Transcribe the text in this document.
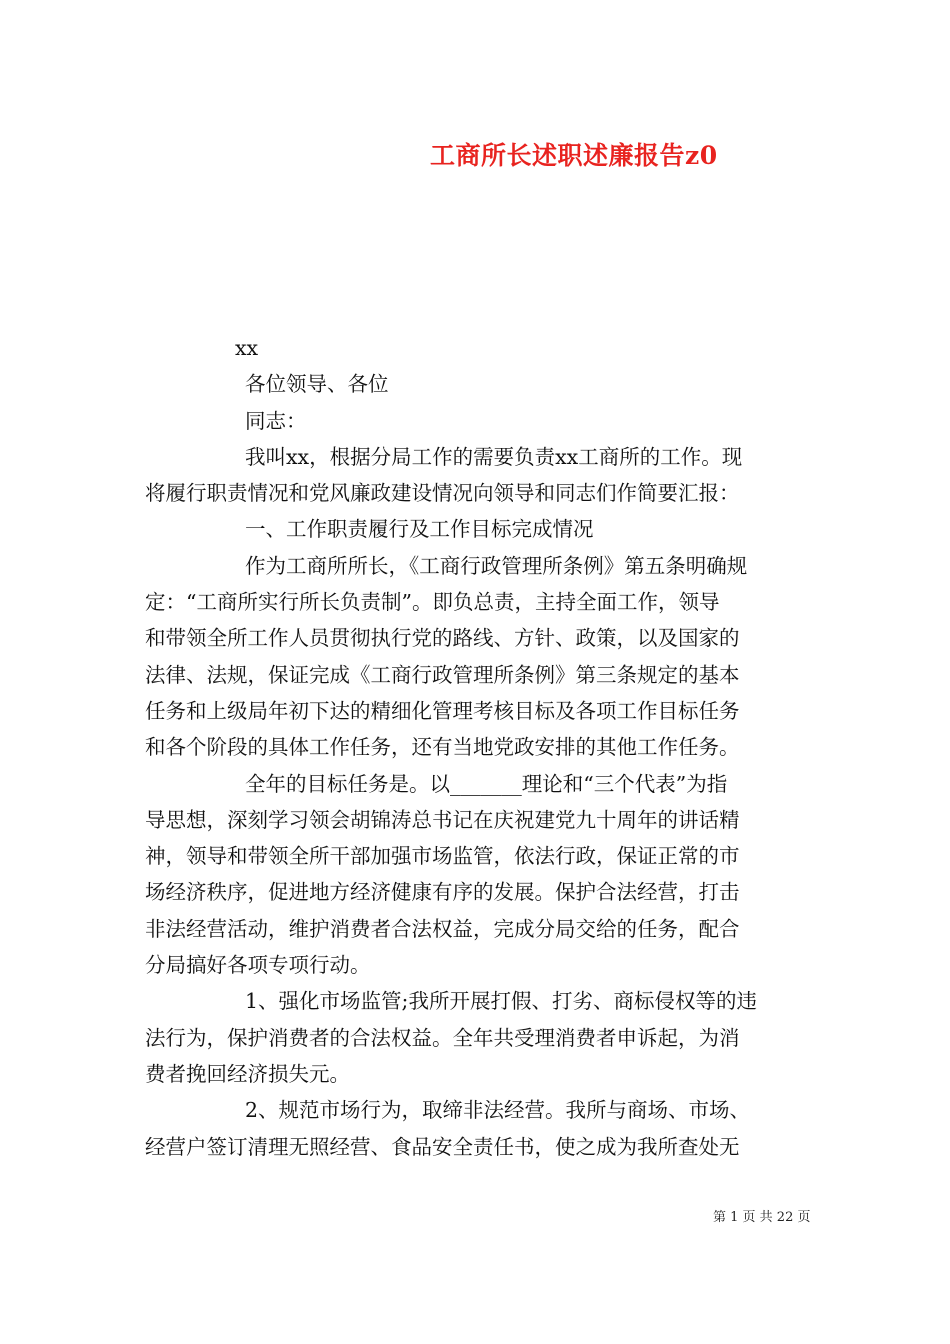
工商所长述职述廉报告z0
xx
各位领导、各位
同志：
我叫xx，根据分局工作的需要负责xx工商所的工作。现
将履行职责情况和党风廉政建设情况向领导和同志们作简要汇报：
一、工作职责履行及工作目标完成情况
作为工商所所长，《工商行政管理所条例》第五条明确规
定：“工商所实行所长负责制”。即负总责，主持全面工作，领导
和带领全所工作人员贯彻执行党的路线、方针、政策，以及国家的
法律、法规，保证完成《工商行政管理所条例》第三条规定的基本
任务和上级局年初下达的精细化管理考核目标及各项工作目标任务
和各个阶段的具体工作任务，还有当地党政安排的其他工作任务。
全年的目标任务是。以_______理论和“三个代表”为指
导思想，深刻学习领会胡锦涛总书记在庆祝建党九十周年的讲话精
神，领导和带领全所干部加强市场监管，依法行政，保证正常的市
场经济秩序，促进地方经济健康有序的发展。保护合法经营，打击
非法经营活动，维护消费者合法权益，完成分局交给的任务，配合
分局搞好各项专项行动。
1、强化市场监管;我所开展打假、打劣、商标侵权等的违
法行为，保护消费者的合法权益。全年共受理消费者申诉起，为消
费者挽回经济损失元。
2、规范市场行为，取缔非法经营。我所与商场、市场、
经营户签订清理无照经营、食品安全责任书，使之成为我所查处无
第 1 页 共 22 页
